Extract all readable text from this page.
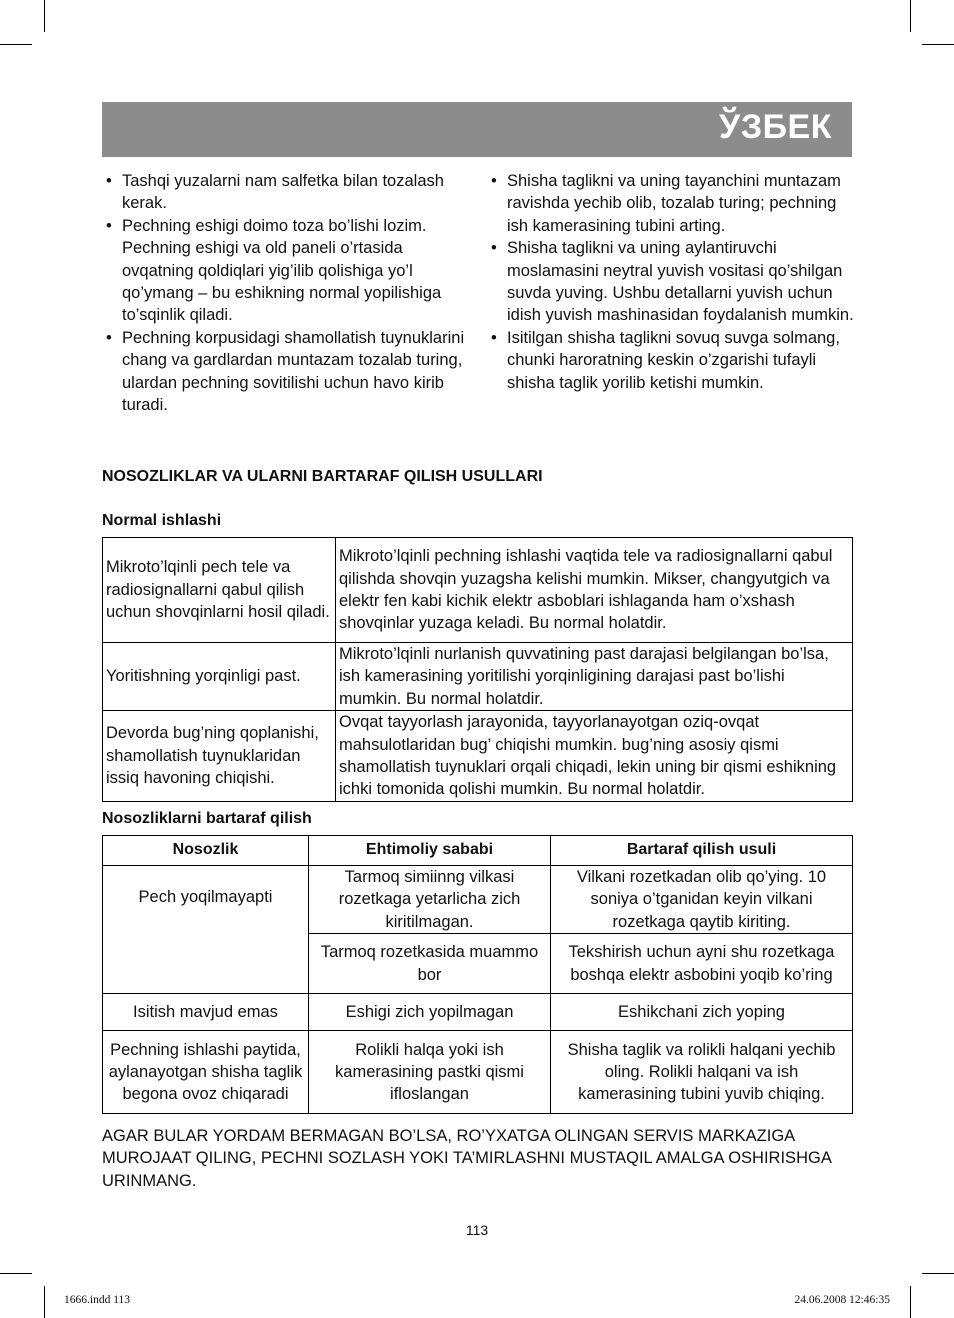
ЎЗБЕК
• Tashqi yuzalarni nam salfetka bilan tozalash kerak.
• Pechning eshigi doimo toza bo’lishi lozim. Pechning eshigi va old paneli o’rtasida ovqatning qoldiqlari yig’ilib qolishiga yo’l qo’ymang – bu eshikning normal yopilishiga to’sqinlik qiladi.
• Pechning korpusidagi shamollatish tuynuklarini chang va gardlardan muntazam tozalab turing, ulardan pechning sovitilishi uchun havo kirib turadi.
• Shisha taglikni va uning tayanchini muntazam ravishda yechib olib, tozalab turing; pechning ish kamerasining tubini arting.
• Shisha taglikni va uning aylantiruvchi moslamasini neytral yuvish vositasi qo’shilgan suvda yuving. Ushbu detallarni yuvish uchun idish yuvish mashinasidan foydalanish mumkin.
• Isitilgan shisha taglikni sovuq suvga solmang, chunki haroratning keskin o’zgarishi tufayli shisha taglik yorilib ketishi mumkin.
NOSOZLIKLAR VA ULARNI BARTARAF QILISH USULLARI
Normal ishlashi
Mikroto’lqinli pech tele va radiosignallarni qabul qilish uchun shovqinlarni hosil qiladi.	Mikroto’lqinli pechning ishlashi vaqtida tele va radiosignallarni qabul qilishda shovqin yuzagsha kelishi mumkin. Mikser, changyutgich va elektr fen kabi kichik elektr asboblari ishlaganda ham o’xshash shovqinlar yuzaga keladi. Bu normal holatdir.
Yoritishning yorqinligi past.	Mikroto’lqinli nurlanish quvvatining past darajasi belgilangan bo’lsa, ish kamerasining yoritilishi yorqinligining darajasi past bo’lishi mumkin. Bu normal holatdir.
Devorda bug’ning qoplanishi, shamollatish tuynuklaridan issiq havoning chiqishi.	Ovqat tayyorlash jarayonida, tayyorlanayotgan oziq-ovqat mahsulotlaridan bug’ chiqishi mumkin. bug’ning asosiy qismi shamollatish tuynuklari orqali chiqadi, lekin uning bir qismi eshikning ichki tomonida qolishi mumkin. Bu normal holatdir.
Nosozliklarni bartaraf qilish
Nosozlik	Ehtimoliy sababi	Bartaraf qilish usuli
Pech yoqilmayapti	Tarmoq simiinng vilkasi rozetkaga yetarlicha zich kiritilmagan.	Vilkani rozetkadan olib qo’ying. 10 soniya o’tganidan keyin vilkani rozetkaga qaytib kiriting.
	Tarmoq rozetkasida muammo bor	Tekshirish uchun ayni shu rozetkaga boshqa elektr asbobini yoqib ko’ring
Isitish mavjud emas	Eshigi zich yopilmagan	Eshikchani zich yoping
Pechning ishlashi paytida, aylanayotgan shisha taglik begona ovoz chiqaradi	Rolikli halqa yoki ish kamerasining pastki qismi ifloslangan	Shisha taglik va rolikli halqani yechib oling. Rolikli halqani va ish kamerasining tubini yuvib chiqing.
AGAR BULAR YORDAM BERMAGAN BO’LSA, RO’YXATGA OLINGAN SERVIS MARKAZIGA MUROJAAT QILING, PECHNI SOZLASH YOKI TA’MIRLASHNI MUSTAQIL AMALGA OSHIRISHGA URINMANG.
113
1666.indd 113	24.06.2008 12:46:35
